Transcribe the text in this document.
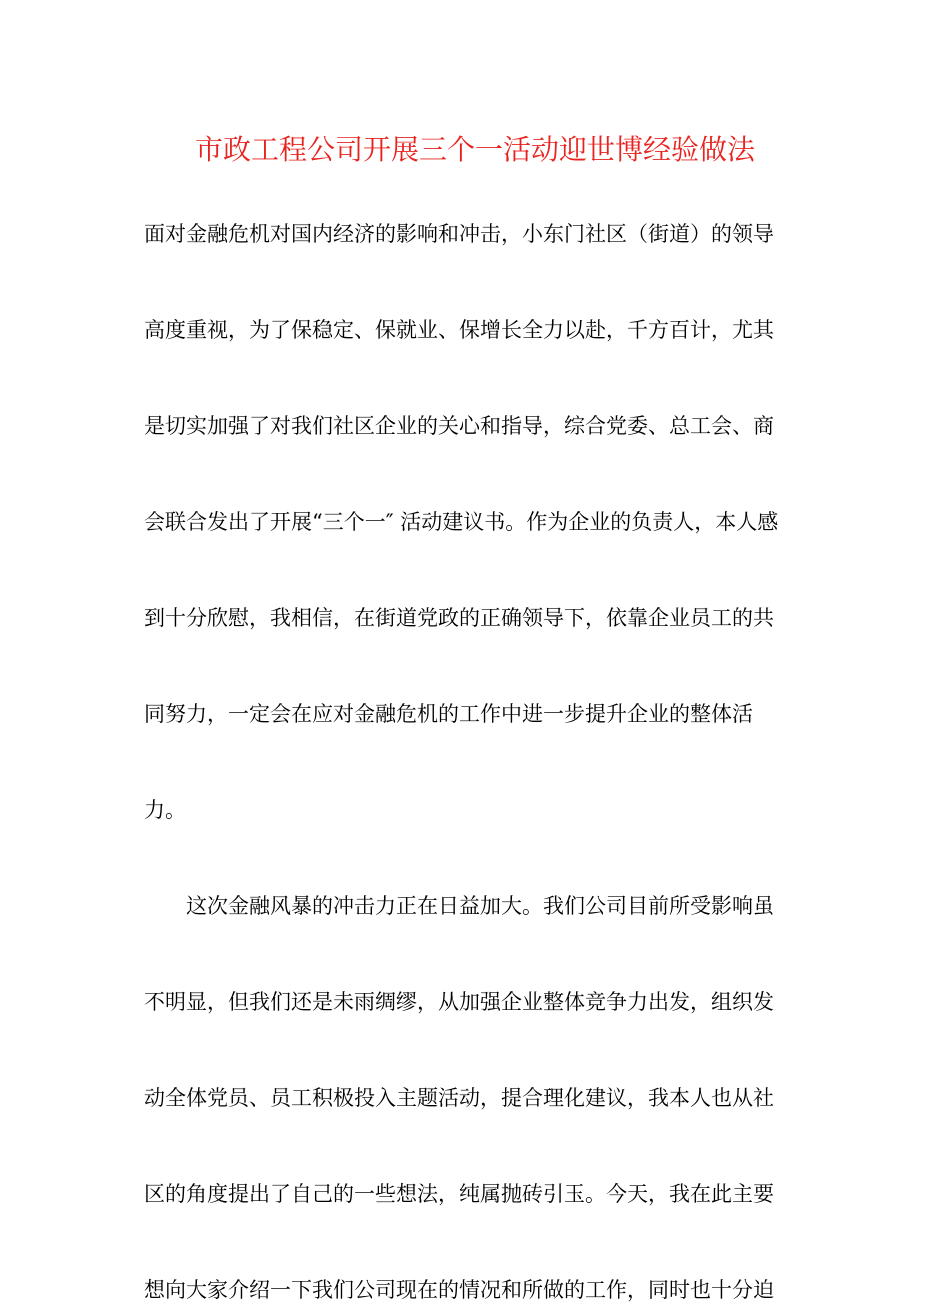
市政工程公司开展三个一活动迎世博经验做法
面对金融危机对国内经济的影响和冲击，小东门社区（街道）的领导
高度重视，为了保稳定、保就业、保增长全力以赴，千方百计，尤其
是切实加强了对我们社区企业的关心和指导，综合党委、总工会、商
会联合发出了开展“三个一″ 活动建议书。作为企业的负责人，本人感
到十分欣慰，我相信，在街道党政的正确领导下，依靠企业员工的共
同努力，一定会在应对金融危机的工作中进一步提升企业的整体活
力。
这次金融风暴的冲击力正在日益加大。我们公司目前所受影响虽
不明显，但我们还是未雨绸缪，从加强企业整体竞争力出发，组织发
动全体党员、员工积极投入主题活动，提合理化建议，我本人也从社
区的角度提出了自己的一些想法，纯属抛砖引玉。今天，我在此主要
想向大家介绍一下我们公司现在的情况和所做的工作，同时也十分迫
